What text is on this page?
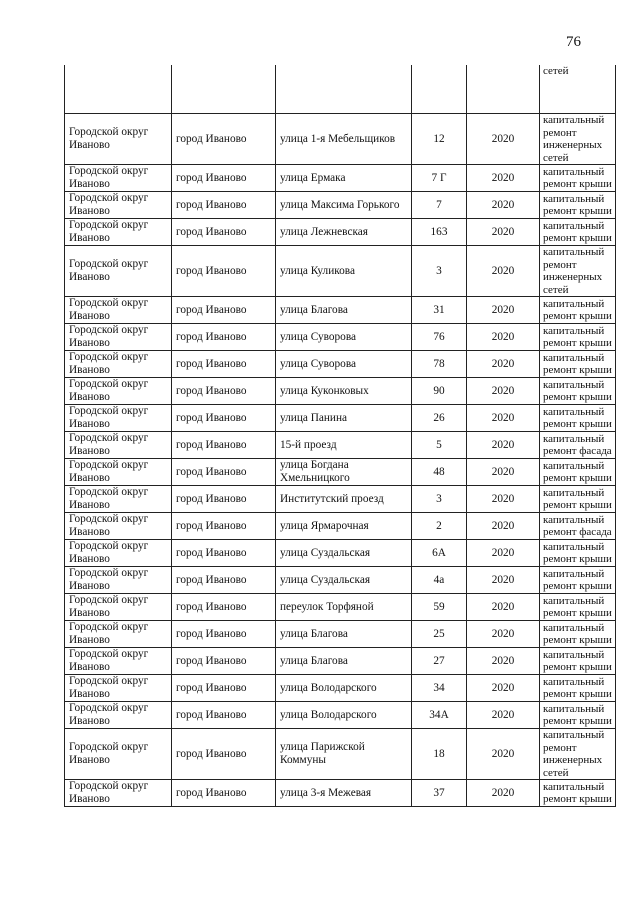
76
					сетей
Городской округ Иваново	город Иваново	улица 1-я Мебельщиков	12	2020	капитальный ремонт инженерных сетей
Городской округ Иваново	город Иваново	улица Ермака	7 Г	2020	капитальный ремонт крыши
Городской округ Иваново	город Иваново	улица Максима Горького	7	2020	капитальный ремонт крыши
Городской округ Иваново	город Иваново	улица Лежневская	163	2020	капитальный ремонт крыши
Городской округ Иваново	город Иваново	улица Куликова	3	2020	капитальный ремонт инженерных сетей
Городской округ Иваново	город Иваново	улица Благова	31	2020	капитальный ремонт крыши
Городской округ Иваново	город Иваново	улица Суворова	76	2020	капитальный ремонт крыши
Городской округ Иваново	город Иваново	улица Суворова	78	2020	капитальный ремонт крыши
Городской округ Иваново	город Иваново	улица Куконковых	90	2020	капитальный ремонт крыши
Городской округ Иваново	город Иваново	улица Панина	26	2020	капитальный ремонт крыши
Городской округ Иваново	город Иваново	15-й проезд	5	2020	капитальный ремонт фасада
Городской округ Иваново	город Иваново	улица Богдана Хмельницкого	48	2020	капитальный ремонт крыши
Городской округ Иваново	город Иваново	Институтский проезд	3	2020	капитальный ремонт крыши
Городской округ Иваново	город Иваново	улица Ярмарочная	2	2020	капитальный ремонт фасада
Городской округ Иваново	город Иваново	улица Суздальская	6А	2020	капитальный ремонт крыши
Городской округ Иваново	город Иваново	улица Суздальская	4а	2020	капитальный ремонт крыши
Городской округ Иваново	город Иваново	переулок Торфяной	59	2020	капитальный ремонт крыши
Городской округ Иваново	город Иваново	улица Благова	25	2020	капитальный ремонт крыши
Городской округ Иваново	город Иваново	улица Благова	27	2020	капитальный ремонт крыши
Городской округ Иваново	город Иваново	улица Володарского	34	2020	капитальный ремонт крыши
Городской округ Иваново	город Иваново	улица Володарского	34А	2020	капитальный ремонт крыши
Городской округ Иваново	город Иваново	улица Парижской Коммуны	18	2020	капитальный ремонт инженерных сетей
Городской округ Иваново	город Иваново	улица 3-я Межевая	37	2020	капитальный ремонт крыши
